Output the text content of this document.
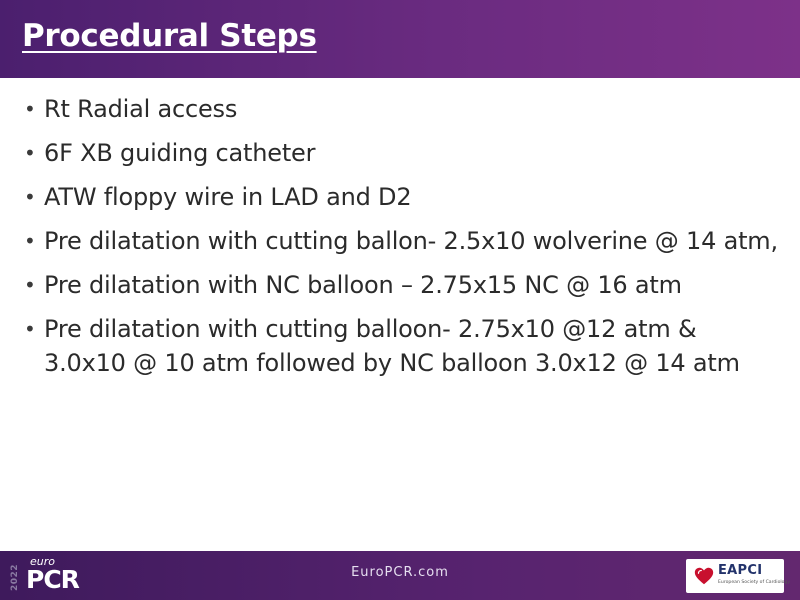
Procedural Steps
• Rt Radial access
• 6F XB guiding catheter
• ATW floppy wire in LAD and D2
• Pre dilatation with cutting ballon- 2.5x10 wolverine @ 14 atm,
• Pre dilatation with NC balloon – 2.75x15 NC @ 16 atm
• Pre dilatation with cutting balloon- 2.75x10 @12 atm & 3.0x10 @ 10 atm followed by NC balloon 3.0x12 @ 14 atm
2022
euro
PCR	EuroPCR.com	EAPCI
European Society of Cardiology
